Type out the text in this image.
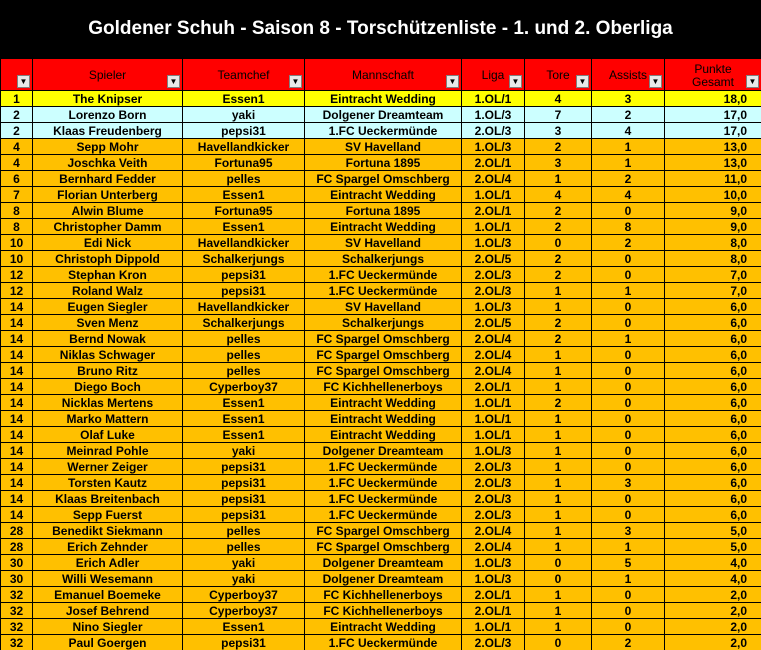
Goldener Schuh - Saison 8 - Torschützenliste - 1. und 2. Oberliga
▼	Spieler ▼	Teamchef ▼	Mannschaft ▼	Liga ▼	Tore ▼	Assists ▼	Punkte
Gesamt ▼

1	The Knipser	Essen1	Eintracht Wedding	1.OL/1	4	3	18,0
2	Lorenzo Born	yaki	Dolgener Dreamteam	1.OL/3	7	2	17,0
2	Klaas Freudenberg	pepsi31	1.FC Ueckermünde	2.OL/3	3	4	17,0
4	Sepp Mohr	Havellandkicker	SV Havelland	1.OL/3	2	1	13,0
4	Joschka Veith	Fortuna95	Fortuna 1895	2.OL/1	3	1	13,0
6	Bernhard Fedder	pelles	FC Spargel Omschberg	2.OL/4	1	2	11,0
7	Florian Unterberg	Essen1	Eintracht Wedding	1.OL/1	4	4	10,0
8	Alwin Blume	Fortuna95	Fortuna 1895	2.OL/1	2	0	9,0
8	Christopher Damm	Essen1	Eintracht Wedding	1.OL/1	2	8	9,0
10	Edi Nick	Havellandkicker	SV Havelland	1.OL/3	0	2	8,0
10	Christoph Dippold	Schalkerjungs	Schalkerjungs	2.OL/5	2	0	8,0
12	Stephan Kron	pepsi31	1.FC Ueckermünde	2.OL/3	2	0	7,0
12	Roland Walz	pepsi31	1.FC Ueckermünde	2.OL/3	1	1	7,0
14	Eugen Siegler	Havellandkicker	SV Havelland	1.OL/3	1	0	6,0
14	Sven Menz	Schalkerjungs	Schalkerjungs	2.OL/5	2	0	6,0
14	Bernd Nowak	pelles	FC Spargel Omschberg	2.OL/4	2	1	6,0
14	Niklas Schwager	pelles	FC Spargel Omschberg	2.OL/4	1	0	6,0
14	Bruno Ritz	pelles	FC Spargel Omschberg	2.OL/4	1	0	6,0
14	Diego Boch	Cyperboy37	FC Kichhellenerboys	2.OL/1	1	0	6,0
14	Nicklas Mertens	Essen1	Eintracht Wedding	1.OL/1	2	0	6,0
14	Marko Mattern	Essen1	Eintracht Wedding	1.OL/1	1	0	6,0
14	Olaf Luke	Essen1	Eintracht Wedding	1.OL/1	1	0	6,0
14	Meinrad Pohle	yaki	Dolgener Dreamteam	1.OL/3	1	0	6,0
14	Werner Zeiger	pepsi31	1.FC Ueckermünde	2.OL/3	1	0	6,0
14	Torsten Kautz	pepsi31	1.FC Ueckermünde	2.OL/3	1	3	6,0
14	Klaas Breitenbach	pepsi31	1.FC Ueckermünde	2.OL/3	1	0	6,0
14	Sepp Fuerst	pepsi31	1.FC Ueckermünde	2.OL/3	1	0	6,0
28	Benedikt Siekmann	pelles	FC Spargel Omschberg	2.OL/4	1	3	5,0
28	Erich Zehnder	pelles	FC Spargel Omschberg	2.OL/4	1	1	5,0
30	Erich Adler	yaki	Dolgener Dreamteam	1.OL/3	0	5	4,0
30	Willi Wesemann	yaki	Dolgener Dreamteam	1.OL/3	0	1	4,0
32	Emanuel Boemeke	Cyperboy37	FC Kichhellenerboys	2.OL/1	1	0	2,0
32	Josef Behrend	Cyperboy37	FC Kichhellenerboys	2.OL/1	1	0	2,0
32	Nino Siegler	Essen1	Eintracht Wedding	1.OL/1	1	0	2,0
32	Paul Goergen	pepsi31	1.FC Ueckermünde	2.OL/3	0	2	2,0
